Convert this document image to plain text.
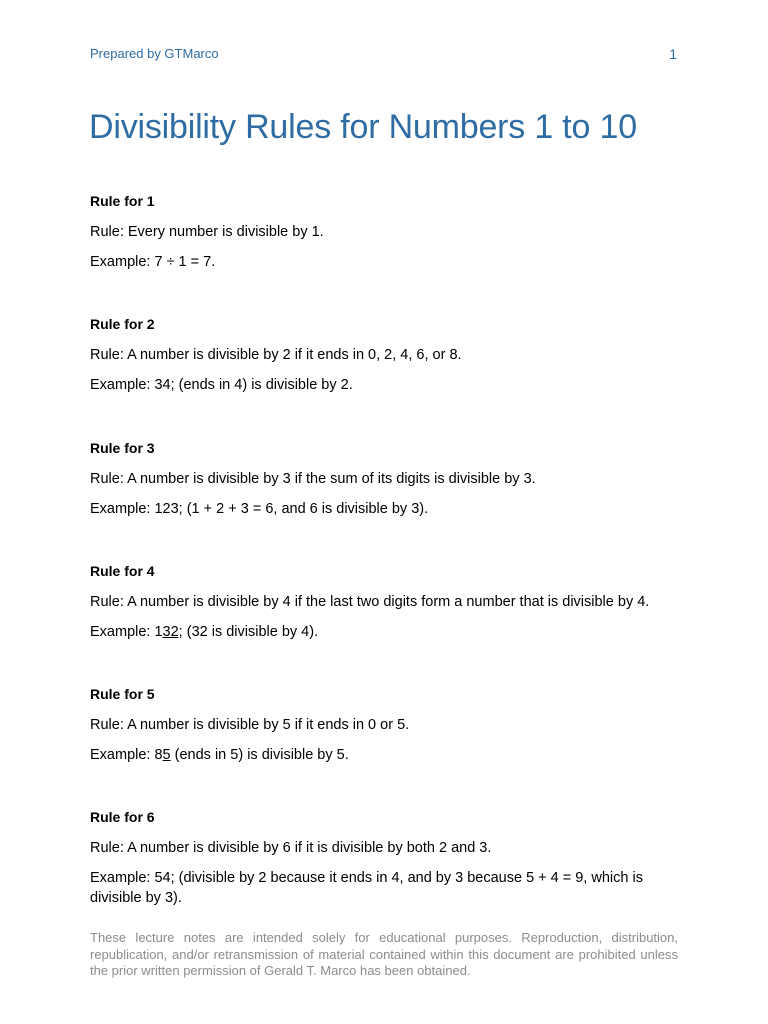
Prepared by GTMarco	1
Divisibility Rules for Numbers 1 to 10

Rule for 1

Rule: Every number is divisible by 1.

Example: 7 ÷ 1 = 7.

Rule for 2

Rule: A number is divisible by 2 if it ends in 0, 2, 4, 6, or 8.

Example: 34; (ends in 4) is divisible by 2.

Rule for 3

Rule: A number is divisible by 3 if the sum of its digits is divisible by 3.

Example: 123; (1 + 2 + 3 = 6, and 6 is divisible by 3).

Rule for 4

Rule: A number is divisible by 4 if the last two digits form a number that is divisible by 4.

Example: 132; (32 is divisible by 4).

Rule for 5

Rule: A number is divisible by 5 if it ends in 0 or 5.

Example: 85 (ends in 5) is divisible by 5.

Rule for 6

Rule: A number is divisible by 6 if it is divisible by both 2 and 3.

Example: 54; (divisible by 2 because it ends in 4, and by 3 because 5 + 4 = 9, which is divisible by 3).

These lecture notes are intended solely for educational purposes. Reproduction, distribution, republication, and/or retransmission of material contained within this document are prohibited unless the prior written permission of Gerald T. Marco has been obtained.
